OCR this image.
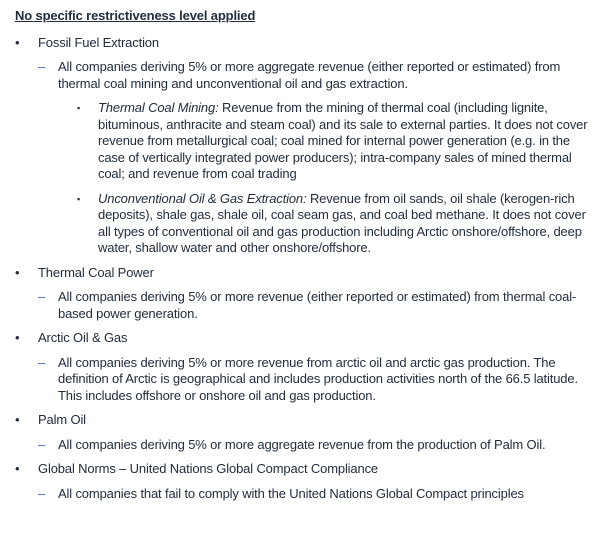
No specific restrictiveness level applied
•	Fossil Fuel Extraction
– All companies deriving 5% or more aggregate revenue (either reported or estimated) from thermal coal mining and unconventional oil and gas extraction.
▪	Thermal Coal Mining: Revenue from the mining of thermal coal (including lignite, bituminous, anthracite and steam coal) and its sale to external parties. It does not cover revenue from metallurgical coal; coal mined for internal power generation (e.g. in the case of vertically integrated power producers); intra-company sales of mined thermal coal; and revenue from coal trading
▪	Unconventional Oil & Gas Extraction: Revenue from oil sands, oil shale (kerogen-rich deposits), shale gas, shale oil, coal seam gas, and coal bed methane. It does not cover all types of conventional oil and gas production including Arctic onshore/offshore, deep water, shallow water and other onshore/offshore.
•	Thermal Coal Power
– All companies deriving 5% or more revenue (either reported or estimated) from thermal coal-based power generation.
•	Arctic Oil & Gas
– All companies deriving 5% or more revenue from arctic oil and arctic gas production. The definition of Arctic is geographical and includes production activities north of the 66.5 latitude. This includes offshore or onshore oil and gas production.
•	Palm Oil
– All companies deriving 5% or more aggregate revenue from the production of Palm Oil.
•	Global Norms – United Nations Global Compact Compliance
– All companies that fail to comply with the United Nations Global Compact principles
